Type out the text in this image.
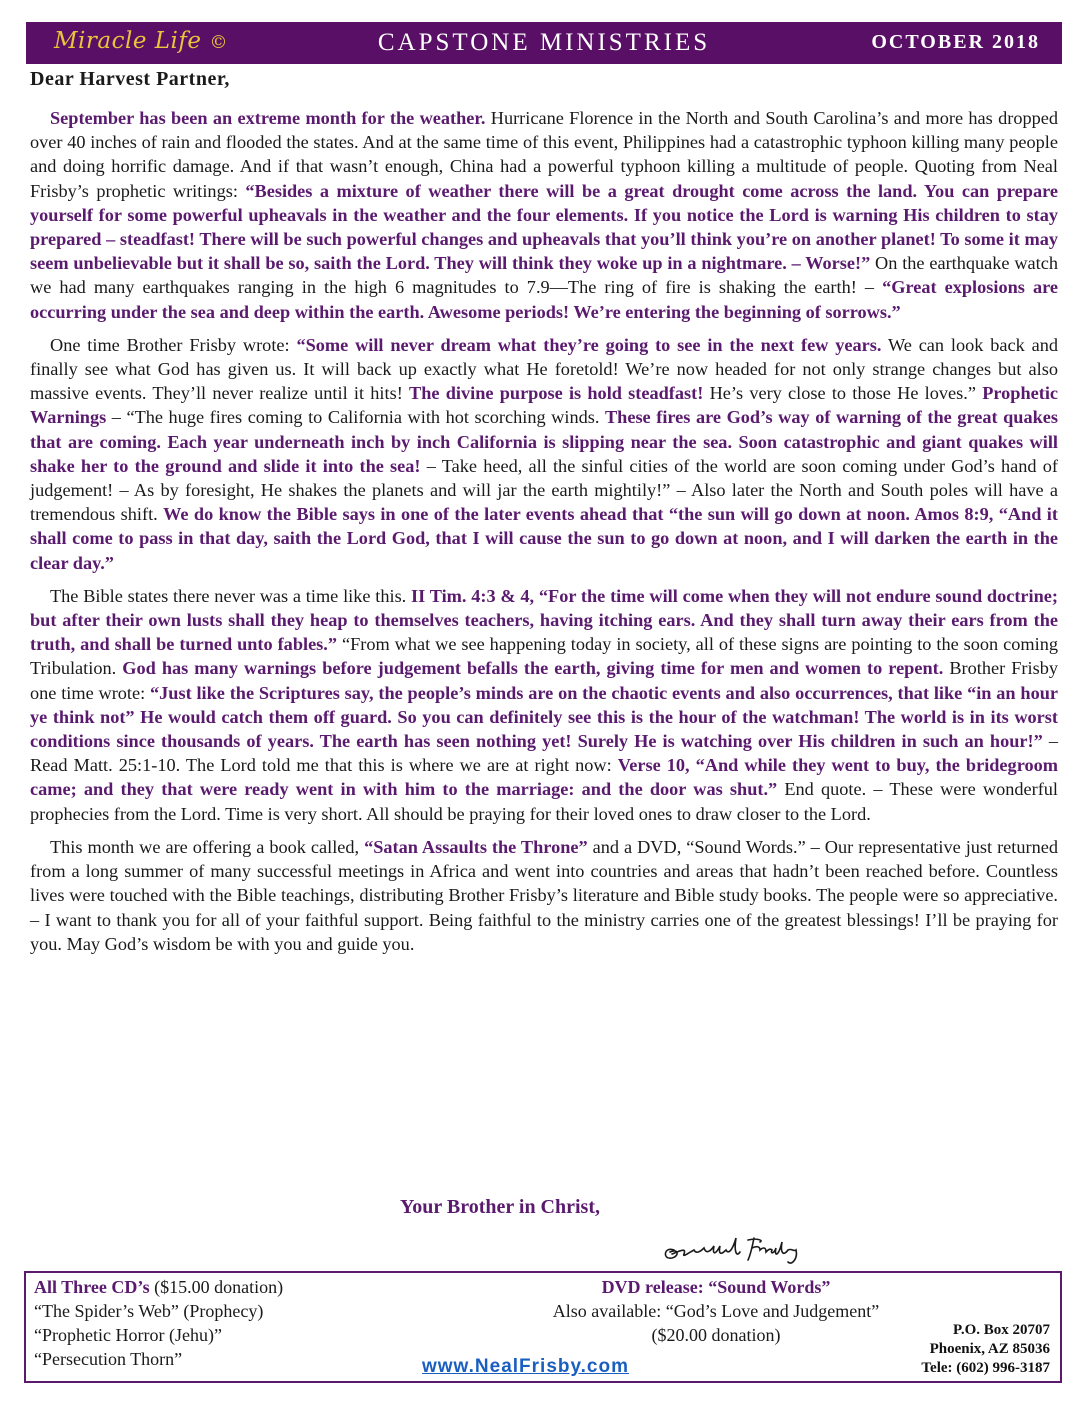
Miracle Life ©	CAPSTONE MINISTRIES	OCTOBER 2018
Dear Harvest Partner,

September has been an extreme month for the weather. Hurricane Florence in the North and South Carolina’s and more has dropped over 40 inches of rain and flooded the states. And at the same time of this event, Philippines had a catastrophic typhoon killing many people and doing horrific damage. And if that wasn’t enough, China had a powerful typhoon killing a multitude of people. Quoting from Neal Frisby’s prophetic writings: “Besides a mixture of weather there will be a great drought come across the land. You can prepare yourself for some powerful upheavals in the weather and the four elements. If you notice the Lord is warning His children to stay prepared – steadfast! There will be such powerful changes and upheavals that you’ll think you’re on another planet! To some it may seem unbelievable but it shall be so, saith the Lord. They will think they woke up in a nightmare. – Worse!” On the earthquake watch we had many earthquakes ranging in the high 6 magnitudes to 7.9—The ring of fire is shaking the earth! – “Great explosions are occurring under the sea and deep within the earth. Awesome periods! We’re entering the beginning of sorrows.”

One time Brother Frisby wrote: “Some will never dream what they’re going to see in the next few years. We can look back and finally see what God has given us. It will back up exactly what He foretold! We’re now headed for not only strange changes but also massive events. They’ll never realize until it hits! The divine purpose is hold steadfast! He’s very close to those He loves.” Prophetic Warnings – “The huge fires coming to California with hot scorching winds. These fires are God’s way of warning of the great quakes that are coming. Each year underneath inch by inch California is slipping near the sea. Soon catastrophic and giant quakes will shake her to the ground and slide it into the sea! – Take heed, all the sinful cities of the world are soon coming under God’s hand of judgement! – As by foresight, He shakes the planets and will jar the earth mightily!” – Also later the North and South poles will have a tremendous shift. We do know the Bible says in one of the later events ahead that “the sun will go down at noon. Amos 8:9, “And it shall come to pass in that day, saith the Lord God, that I will cause the sun to go down at noon, and I will darken the earth in the clear day.”

The Bible states there never was a time like this. II Tim. 4:3 & 4, “For the time will come when they will not endure sound doctrine; but after their own lusts shall they heap to themselves teachers, having itching ears. And they shall turn away their ears from the truth, and shall be turned unto fables.” “From what we see happening today in society, all of these signs are pointing to the soon coming Tribulation. God has many warnings before judgement befalls the earth, giving time for men and women to repent. Brother Frisby one time wrote: “Just like the Scriptures say, the people’s minds are on the chaotic events and also occurrences, that like “in an hour ye think not” He would catch them off guard. So you can definitely see this is the hour of the watchman! The world is in its worst conditions since thousands of years. The earth has seen nothing yet! Surely He is watching over His children in such an hour!” – Read Matt. 25:1-10. The Lord told me that this is where we are at right now: Verse 10, “And while they went to buy, the bridegroom came; and they that were ready went in with him to the marriage: and the door was shut.” End quote. – These were wonderful prophecies from the Lord. Time is very short. All should be praying for their loved ones to draw closer to the Lord.

This month we are offering a book called, “Satan Assaults the Throne” and a DVD, “Sound Words.” – Our representative just returned from a long summer of many successful meetings in Africa and went into countries and areas that hadn’t been reached before. Countless lives were touched with the Bible teachings, distributing Brother Frisby’s literature and Bible study books. The people were so appreciative. – I want to thank you for all of your faithful support. Being faithful to the ministry carries one of the greatest blessings! I’ll be praying for you. May God’s wisdom be with you and guide you.

Your Brother in Christ,
All Three CD’s ($15.00 donation)
“The Spider’s Web” (Prophecy)
“Prophetic Horror (Jehu)”
“Persecution Thorn”
DVD release: “Sound Words”
Also available: “God’s Love and Judgement”
($20.00 donation)
www.NealFrisby.com
P.O. Box 20707
Phoenix, AZ 85036
Tele: (602) 996-3187
